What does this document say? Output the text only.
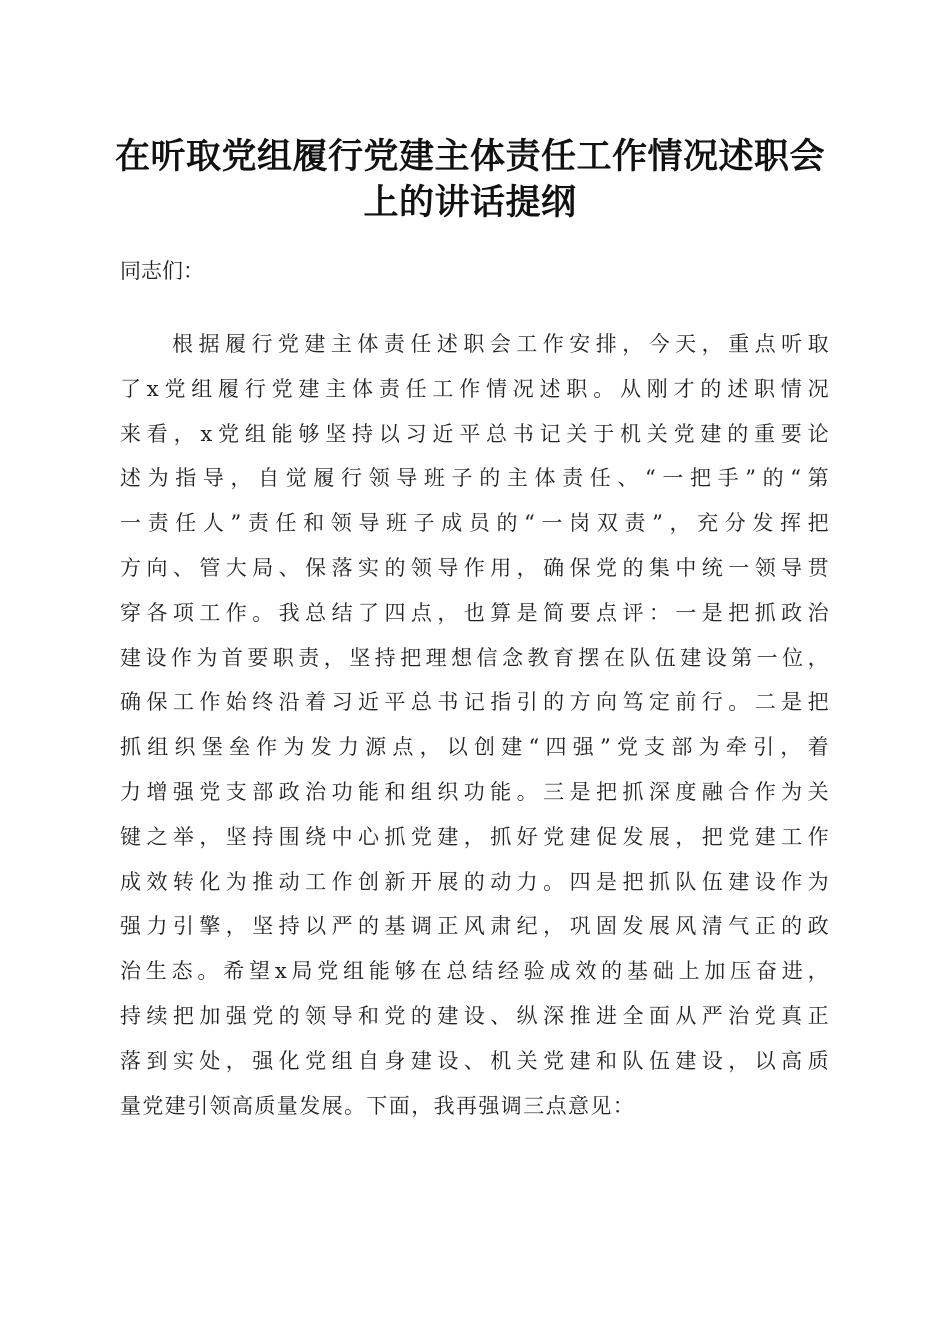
在听取党组履行党建主体责任工作情况述职会
上的讲话提纲

同志们：

根据履行党建主体责任述职会工作安排，今天，重点听取
了x党组履行党建主体责任工作情况述职。从刚才的述职情况
来看，x党组能够坚持以习近平总书记关于机关党建的重要论
述为指导，自觉履行领导班子的主体责任、“一把手”的“第
一责任人”责任和领导班子成员的“一岗双责”，充分发挥把
方向、管大局、保落实的领导作用，确保党的集中统一领导贯
穿各项工作。我总结了四点，也算是简要点评：一是把抓政治
建设作为首要职责，坚持把理想信念教育摆在队伍建设第一位，
确保工作始终沿着习近平总书记指引的方向笃定前行。二是把
抓组织堡垒作为发力源点，以创建“四强”党支部为牵引，着
力增强党支部政治功能和组织功能。三是把抓深度融合作为关
键之举，坚持围绕中心抓党建，抓好党建促发展，把党建工作
成效转化为推动工作创新开展的动力。四是把抓队伍建设作为
强力引擎，坚持以严的基调正风肃纪，巩固发展风清气正的政
治生态。希望x局党组能够在总结经验成效的基础上加压奋进，
持续把加强党的领导和党的建设、纵深推进全面从严治党真正
落到实处，强化党组自身建设、机关党建和队伍建设，以高质
量党建引领高质量发展。下面，我再强调三点意见：
